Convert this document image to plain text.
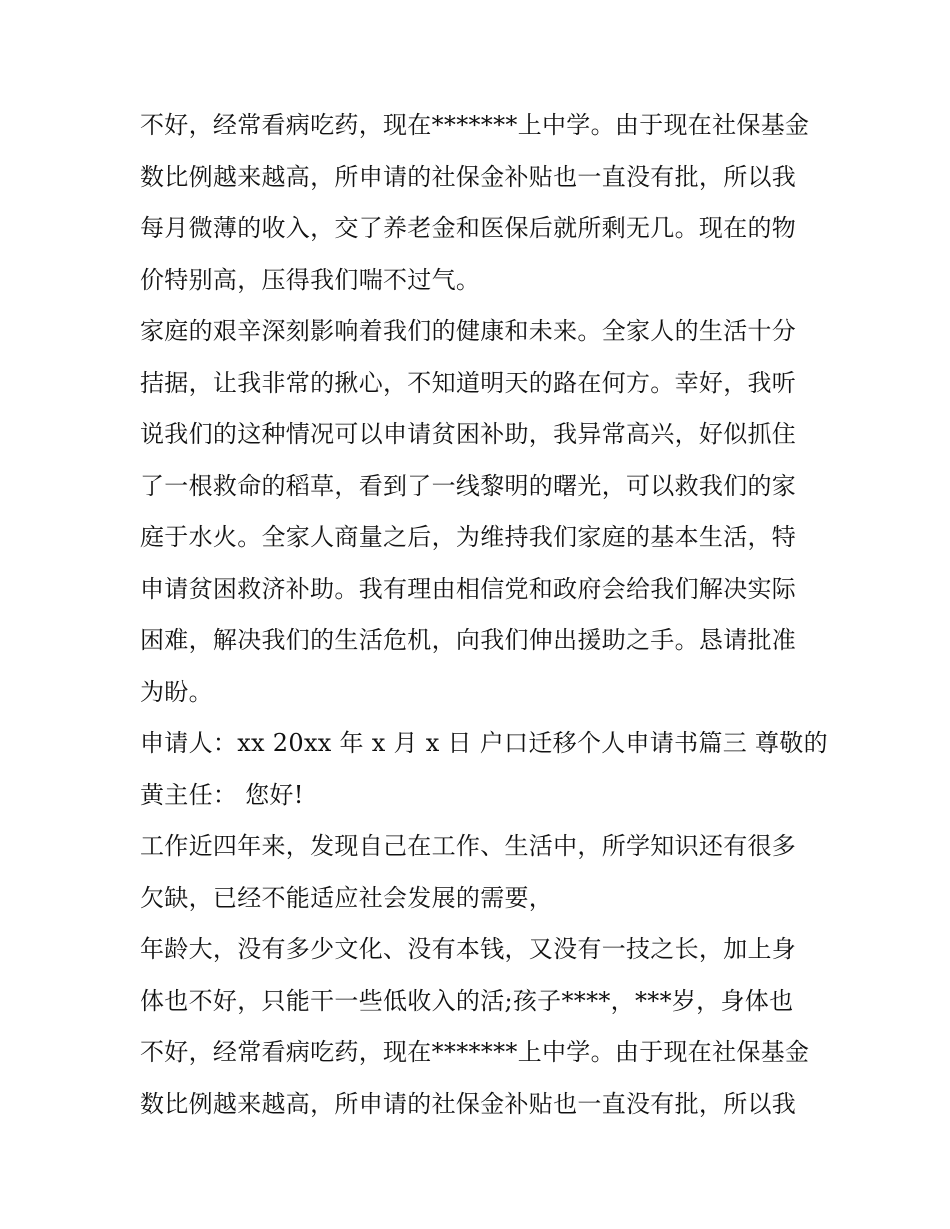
不好，经常看病吃药，现在*******上中学。由于现在社保基金
数比例越来越高，所申请的社保金补贴也一直没有批，所以我
每月微薄的收入，交了养老金和医保后就所剩无几。现在的物
价特别高，压得我们喘不过气。
家庭的艰辛深刻影响着我们的健康和未来。全家人的生活十分
拮据，让我非常的揪心，不知道明天的路在何方。幸好，我听
说我们的这种情况可以申请贫困补助，我异常高兴，好似抓住
了一根救命的稻草，看到了一线黎明的曙光，可以救我们的家
庭于水火。全家人商量之后，为维持我们家庭的基本生活，特
申请贫困救济补助。我有理由相信党和政府会给我们解决实际
困难，解决我们的生活危机，向我们伸出援助之手。恳请批准
为盼。
申请人：xx 20xx 年 x 月 x 日 户口迁移个人申请书篇三 尊敬的
黄主任： 您好!
工作近四年来，发现自己在工作、生活中，所学知识还有很多
欠缺，已经不能适应社会发展的需要，
年龄大，没有多少文化、没有本钱，又没有一技之长，加上身
体也不好，只能干一些低收入的活;孩子****，***岁，身体也
不好，经常看病吃药，现在*******上中学。由于现在社保基金
数比例越来越高，所申请的社保金补贴也一直没有批，所以我
